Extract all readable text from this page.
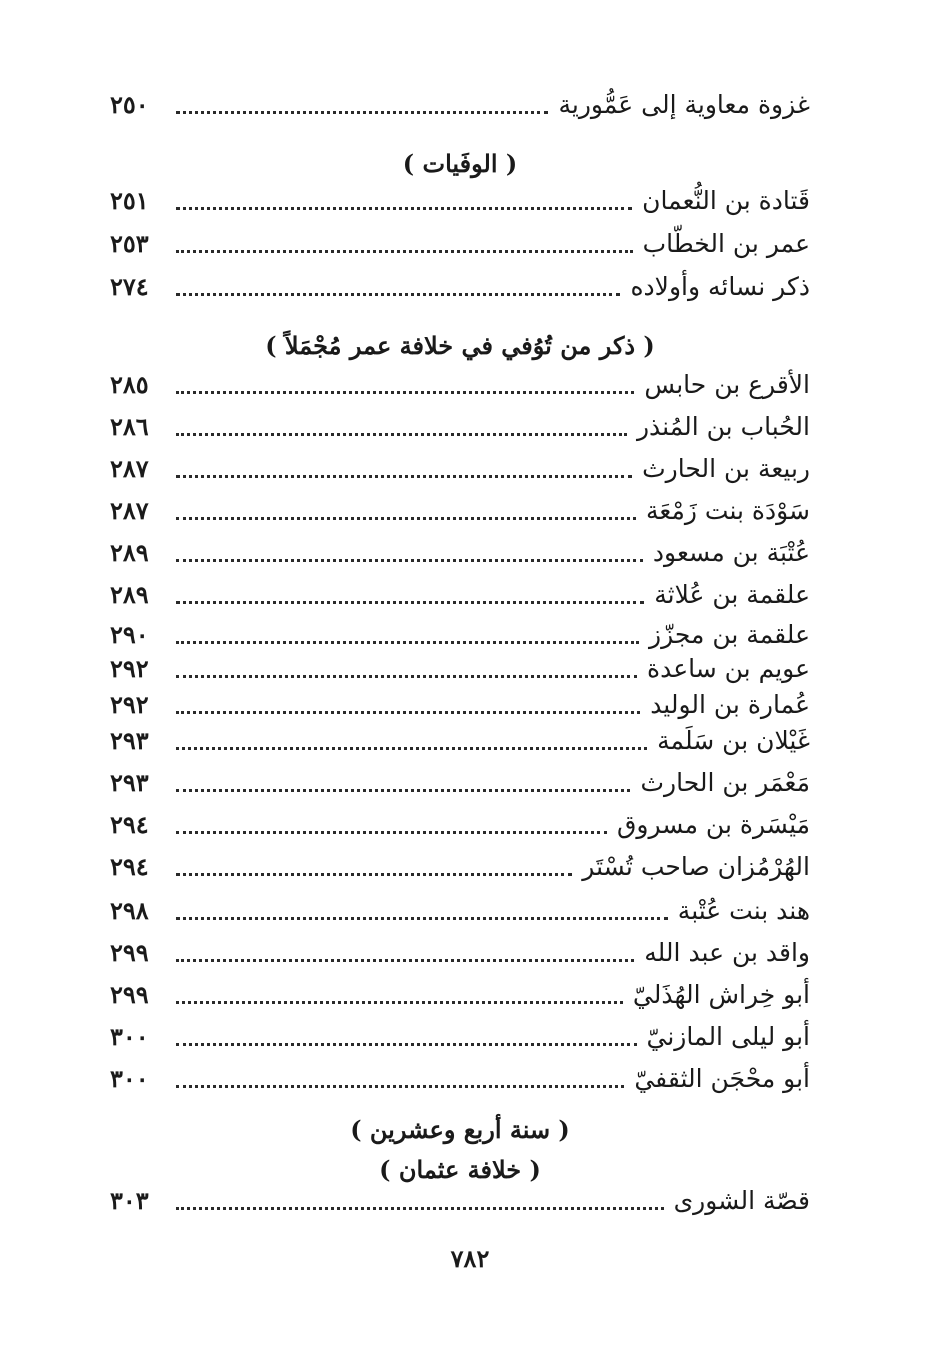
غزوة معاوية إلى عَمُّورية
٢٥٠
( الوفَيات )
قَتادة بن النُّعمان
٢٥١
عمر بن الخطّاب
٢٥٣
ذكر نسائه وأولاده
٢٧٤
( ذكر من تُوُفي في خلافة عمر مُجْمَلاً )
الأقرع بن حابس
٢٨٥
الحُباب بن المُنذر
٢٨٦
ربيعة بن الحارث
٢٨٧
سَوْدَة بنت زَمْعَة
٢٨٧
عُتْبَة بن مسعود
٢٨٩
علقمة بن عُلاثة
٢٨٩
علقمة بن مجزّز
٢٩٠
عويم بن ساعدة
٢٩٢
عُمارة بن الوليد
٢٩٢
غَيْلان بن سَلَمة
٢٩٣
مَعْمَر بن الحارث
٢٩٣
مَيْسَرة بن مسروق
٢٩٤
الهُرْمُزان صاحب تُسْتَر
٢٩٤
هند بنت عُتْبة
٢٩٨
واقد بن عبد الله
٢٩٩
أبو خِراش الهُذَليّ
٢٩٩
أبو ليلى المازنيّ
٣٠٠
أبو محْجَن الثقفيّ
٣٠٠
( سنة أربع وعشرين )
( خلافة عثمان )
قصّة الشورى
٣٠٣
٧٨٢
